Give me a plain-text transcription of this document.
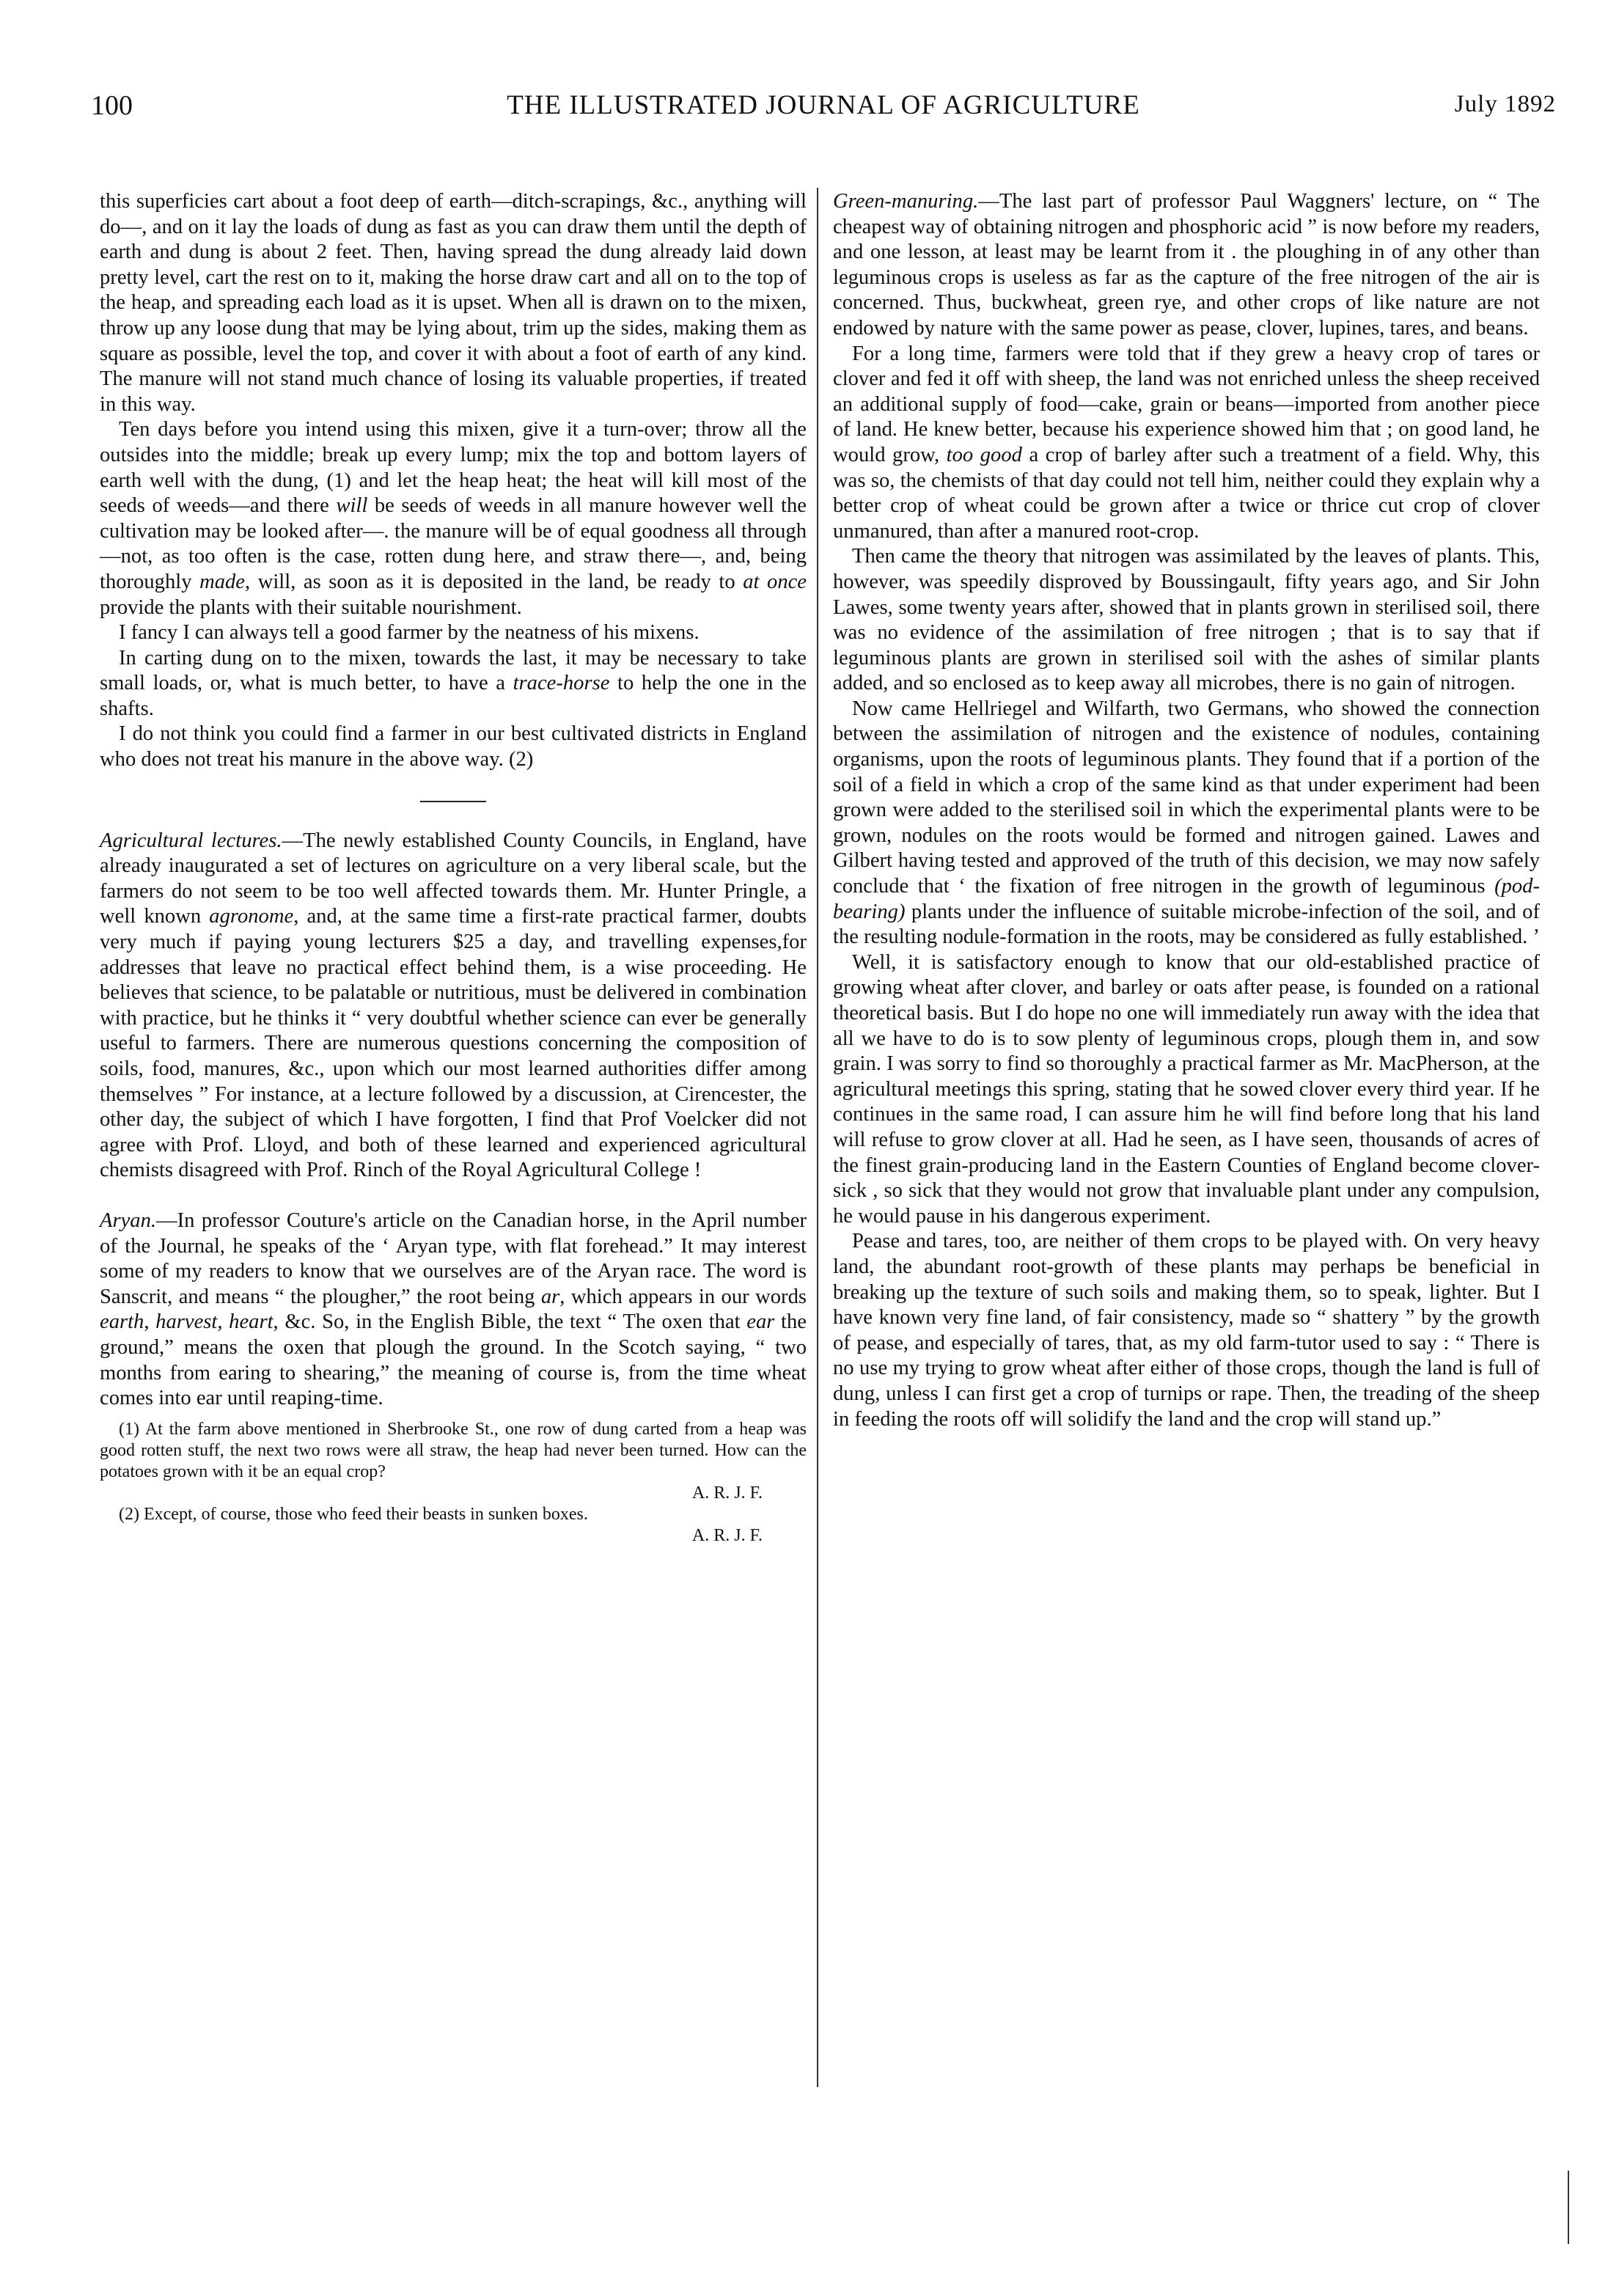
100	THE ILLUSTRATED JOURNAL OF AGRICULTURE	July 1892

this superficies cart about a foot deep of earth—ditch-scrapings, &c., anything will do—, and on it lay the loads of dung as fast as you can draw them until the depth of earth and dung is about 2 feet. Then, having spread the dung already laid down pretty level, cart the rest on to it, making the horse draw cart and all on to the top of the heap, and spreading each load as it is upset. When all is drawn on to the mixen, throw up any loose dung that may be lying about, trim up the sides, making them as square as possible, level the top, and cover it with about a foot of earth of any kind. The manure will not stand much chance of losing its valuable properties, if treated in this way.

Ten days before you intend using this mixen, give it a turn-over; throw all the outsides into the middle; break up every lump; mix the top and bottom layers of earth well with the dung, (1) and let the heap heat; the heat will kill most of the seeds of weeds—and there will be seeds of weeds in all manure however well the cultivation may be looked after—. the manure will be of equal goodness all through—not, as too often is the case, rotten dung here, and straw there—, and, being thoroughly made, will, as soon as it is deposited in the land, be ready to at once provide the plants with their suitable nourishment.

I fancy I can always tell a good farmer by the neatness of his mixens.

In carting dung on to the mixen, towards the last, it may be necessary to take small loads, or, what is much better, to have a trace-horse to help the one in the shafts.

I do not think you could find a farmer in our best cultivated districts in England who does not treat his manure in the above way. (2)

Agricultural lectures.—The newly established County Councils, in England, have already inaugurated a set of lectures on agriculture on a very liberal scale, but the farmers do not seem to be too well affected towards them. Mr. Hunter Pringle, a well known agronome, and, at the same time a first-rate practical farmer, doubts very much if paying young lecturers $25 a day, and travelling expenses,for addresses that leave no practical effect behind them, is a wise proceeding. He believes that science, to be palatable or nutritious, must be delivered in combination with practice, but he thinks it “ very doubtful whether science can ever be generally useful to farmers. There are numerous questions concerning the composition of soils, food, manures, &c., upon which our most learned authorities differ among themselves ” For instance, at a lecture followed by a discussion, at Cirencester, the other day, the subject of which I have forgotten, I find that Prof Voelcker did not agree with Prof. Lloyd, and both of these learned and experienced agricultural chemists disagreed with Prof. Rinch of the Royal Agricultural College !

Aryan.—In professor Couture's article on the Canadian horse, in the April number of the Journal, he speaks of the ‘ Aryan type, with flat forehead.” It may interest some of my readers to know that we ourselves are of the Aryan race. The word is Sanscrit, and means “ the plougher,” the root being ar, which appears in our words earth, harvest, heart, &c. So, in the English Bible, the text “ The oxen that ear the ground,” means the oxen that plough the ground. In the Scotch saying, “ two months from earing to shearing,” the meaning of course is, from the time wheat comes into ear until reaping-time.

(1) At the farm above mentioned in Sherbrooke St., one row of dung carted from a heap was good rotten stuff, the next two rows were all straw, the heap had never been turned. How can the potatoes grown with it be an equal crop?
A. R. J. F.

(2) Except, of course, those who feed their beasts in sunken boxes.
A. R. J. F.

Green-manuring.—The last part of professor Paul Waggners' lecture, on “ The cheapest way of obtaining nitrogen and phosphoric acid ” is now before my readers, and one lesson, at least may be learnt from it . the ploughing in of any other than leguminous crops is useless as far as the capture of the free nitrogen of the air is concerned. Thus, buckwheat, green rye, and other crops of like nature are not endowed by nature with the same power as pease, clover, lupines, tares, and beans.

For a long time, farmers were told that if they grew a heavy crop of tares or clover and fed it off with sheep, the land was not enriched unless the sheep received an additional supply of food—cake, grain or beans—imported from another piece of land. He knew better, because his experience showed him that ; on good land, he would grow, too good a crop of barley after such a treatment of a field. Why, this was so, the chemists of that day could not tell him, neither could they explain why a better crop of wheat could be grown after a twice or thrice cut crop of clover unmanured, than after a manured root-crop.

Then came the theory that nitrogen was assimilated by the leaves of plants. This, however, was speedily disproved by Boussingault, fifty years ago, and Sir John Lawes, some twenty years after, showed that in plants grown in sterilised soil, there was no evidence of the assimilation of free nitrogen ; that is to say that if leguminous plants are grown in sterilised soil with the ashes of similar plants added, and so enclosed as to keep away all microbes, there is no gain of nitrogen.

Now came Hellriegel and Wilfarth, two Germans, who showed the connection between the assimilation of nitrogen and the existence of nodules, containing organisms, upon the roots of leguminous plants. They found that if a portion of the soil of a field in which a crop of the same kind as that under experiment had been grown were added to the sterilised soil in which the experimental plants were to be grown, nodules on the roots would be formed and nitrogen gained. Lawes and Gilbert having tested and approved of the truth of this decision, we may now safely conclude that ‘ the fixation of free nitrogen in the growth of leguminous (pod-bearing) plants under the influence of suitable microbe-infection of the soil, and of the resulting nodule-formation in the roots, may be considered as fully established. ’

Well, it is satisfactory enough to know that our old-established practice of growing wheat after clover, and barley or oats after pease, is founded on a rational theoretical basis. But I do hope no one will immediately run away with the idea that all we have to do is to sow plenty of leguminous crops, plough them in, and sow grain. I was sorry to find so thoroughly a practical farmer as Mr. MacPherson, at the agricultural meetings this spring, stating that he sowed clover every third year. If he continues in the same road, I can assure him he will find before long that his land will refuse to grow clover at all. Had he seen, as I have seen, thousands of acres of the finest grain-producing land in the Eastern Counties of England become clover-sick , so sick that they would not grow that invaluable plant under any compulsion, he would pause in his dangerous experiment.

Pease and tares, too, are neither of them crops to be played with. On very heavy land, the abundant root-growth of these plants may perhaps be beneficial in breaking up the texture of such soils and making them, so to speak, lighter. But I have known very fine land, of fair consistency, made so “ shattery ” by the growth of pease, and especially of tares, that, as my old farm-tutor used to say : “ There is no use my trying to grow wheat after either of those crops, though the land is full of dung, unless I can first get a crop of turnips or rape. Then, the treading of the sheep in feeding the roots off will solidify the land and the crop will stand up.”
